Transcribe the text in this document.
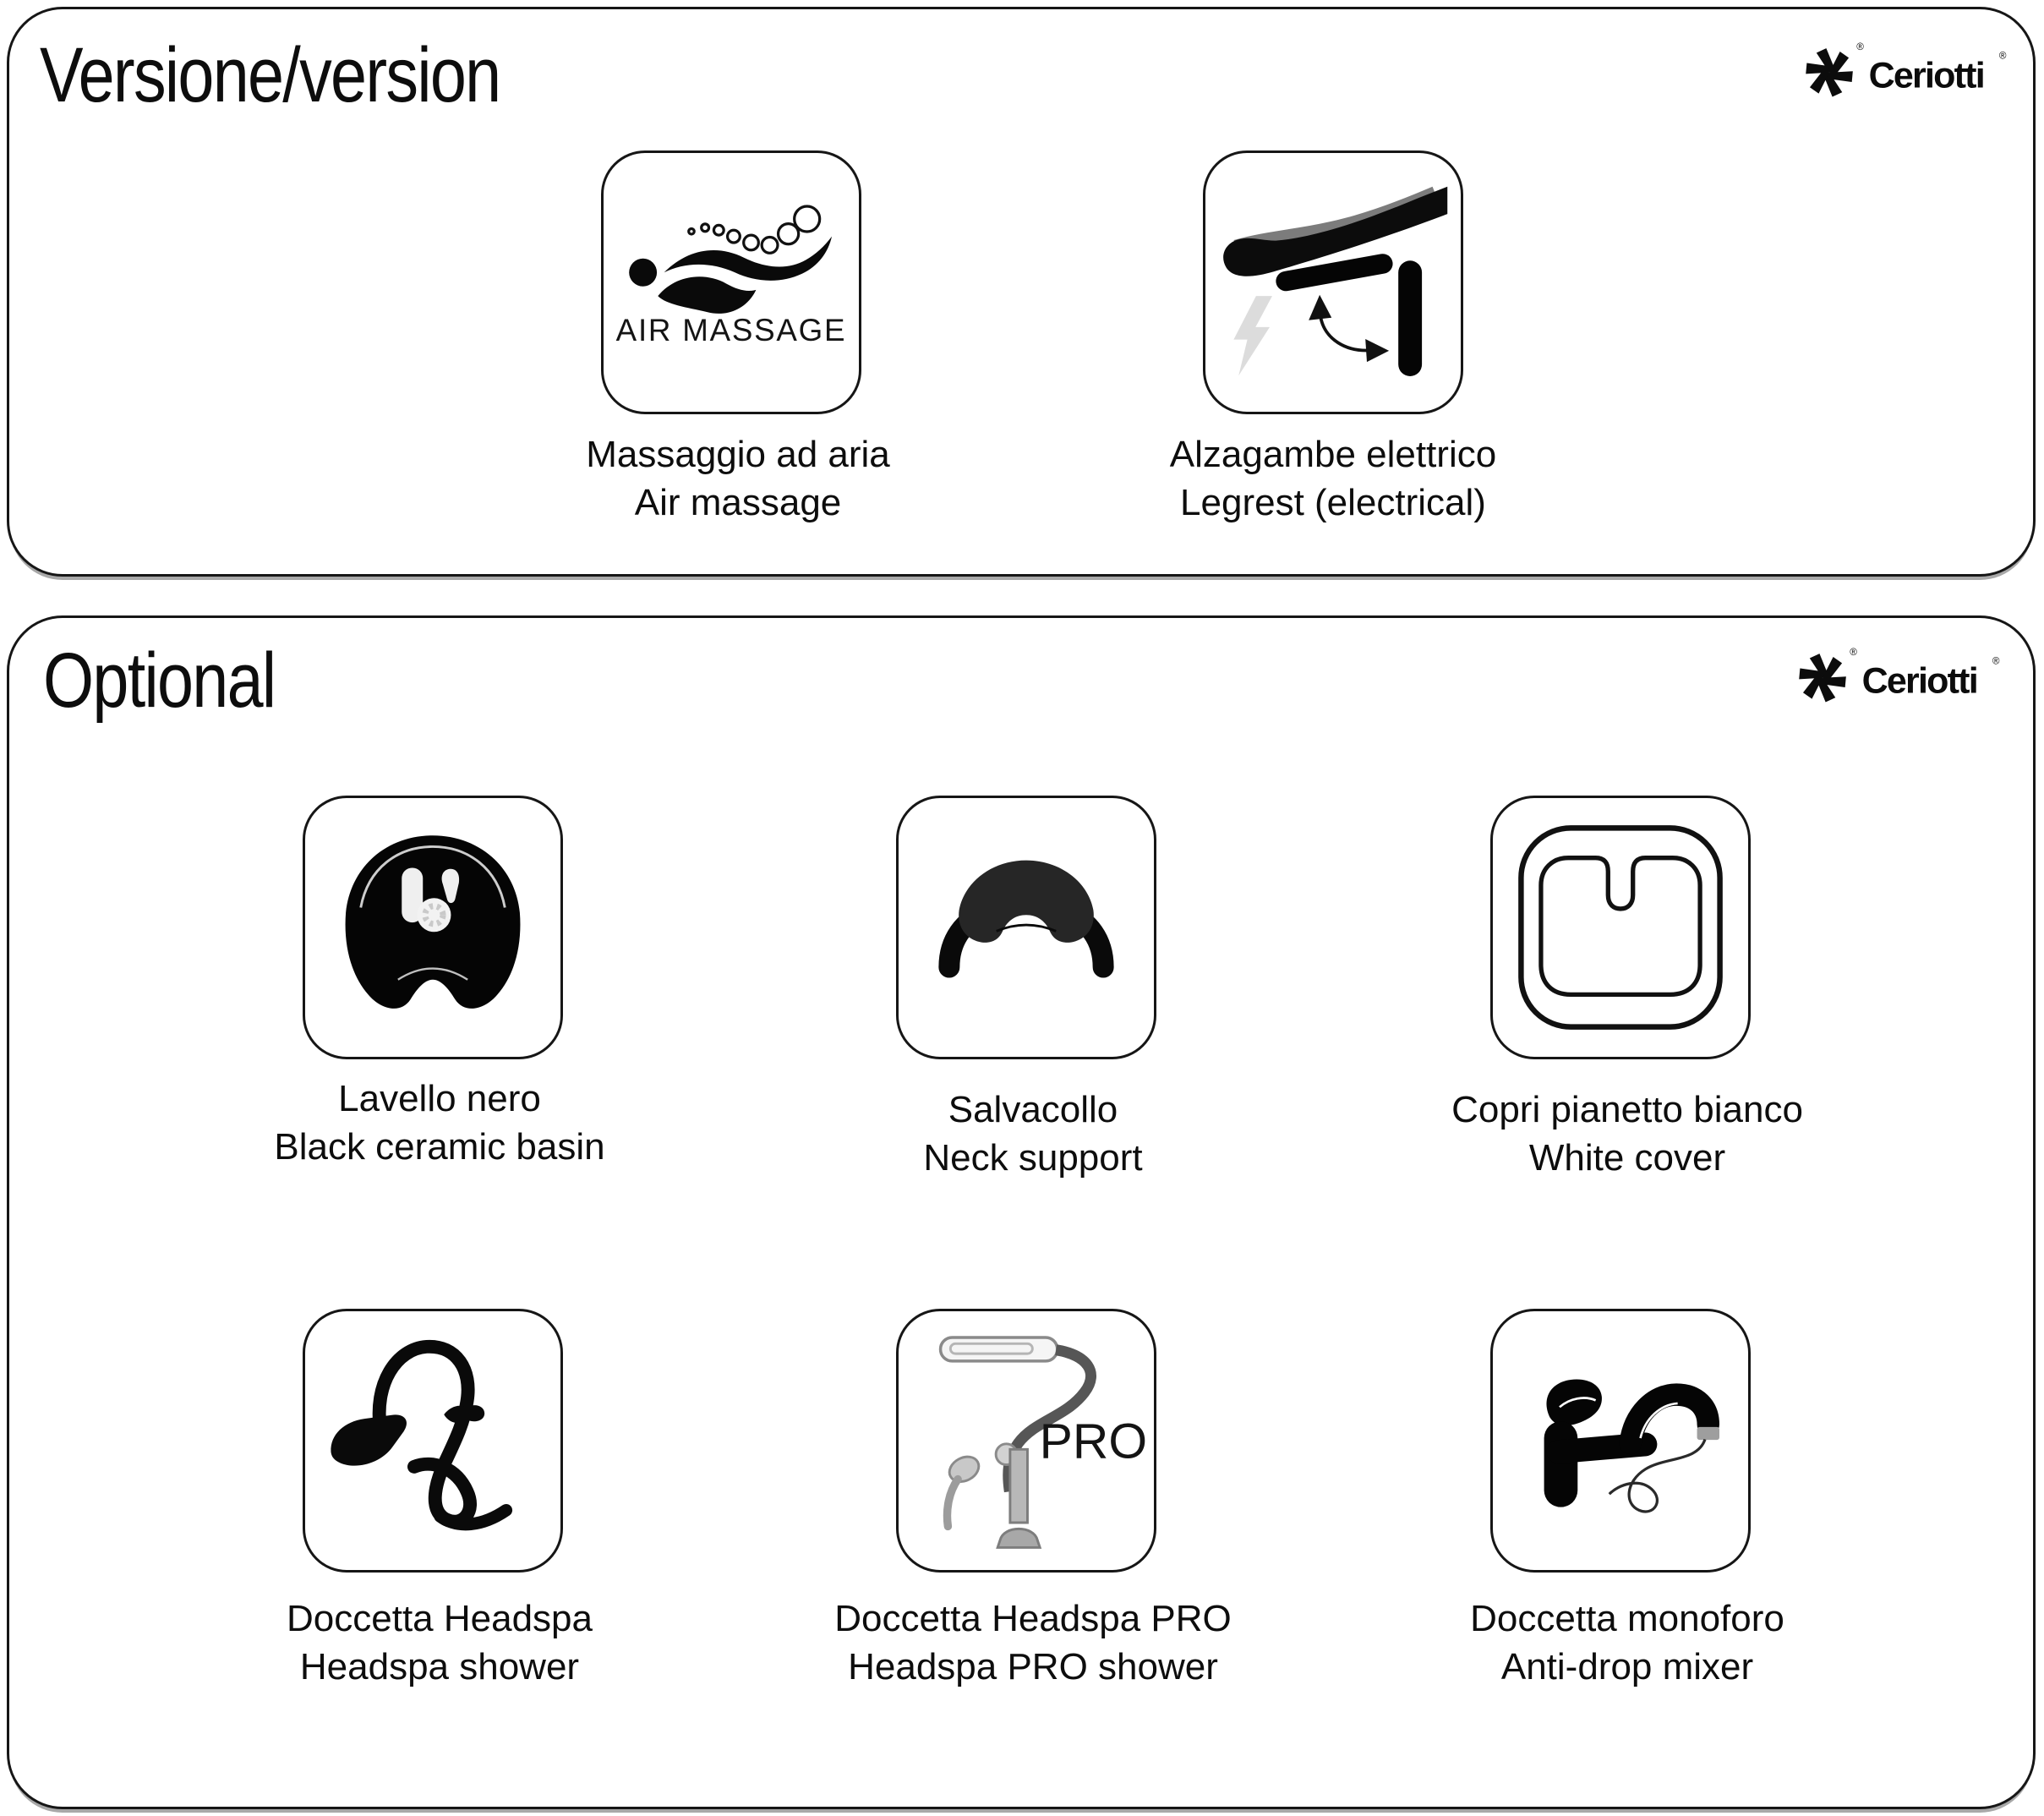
Versione/version	®
Ceriotti ®
AIR MASSAGE
Massaggio ad aria
Air massage
Alzagambe elettrico
Legrest (electrical)
Optional	®
Ceriotti ®
Lavello nero
Black ceramic basin
Salvacollo
Neck support
Copri pianetto bianco
White cover
Doccetta Headspa
Headspa shower
PRO
Doccetta Headspa PRO
Headspa PRO shower
Doccetta monoforo
Anti-drop mixer
